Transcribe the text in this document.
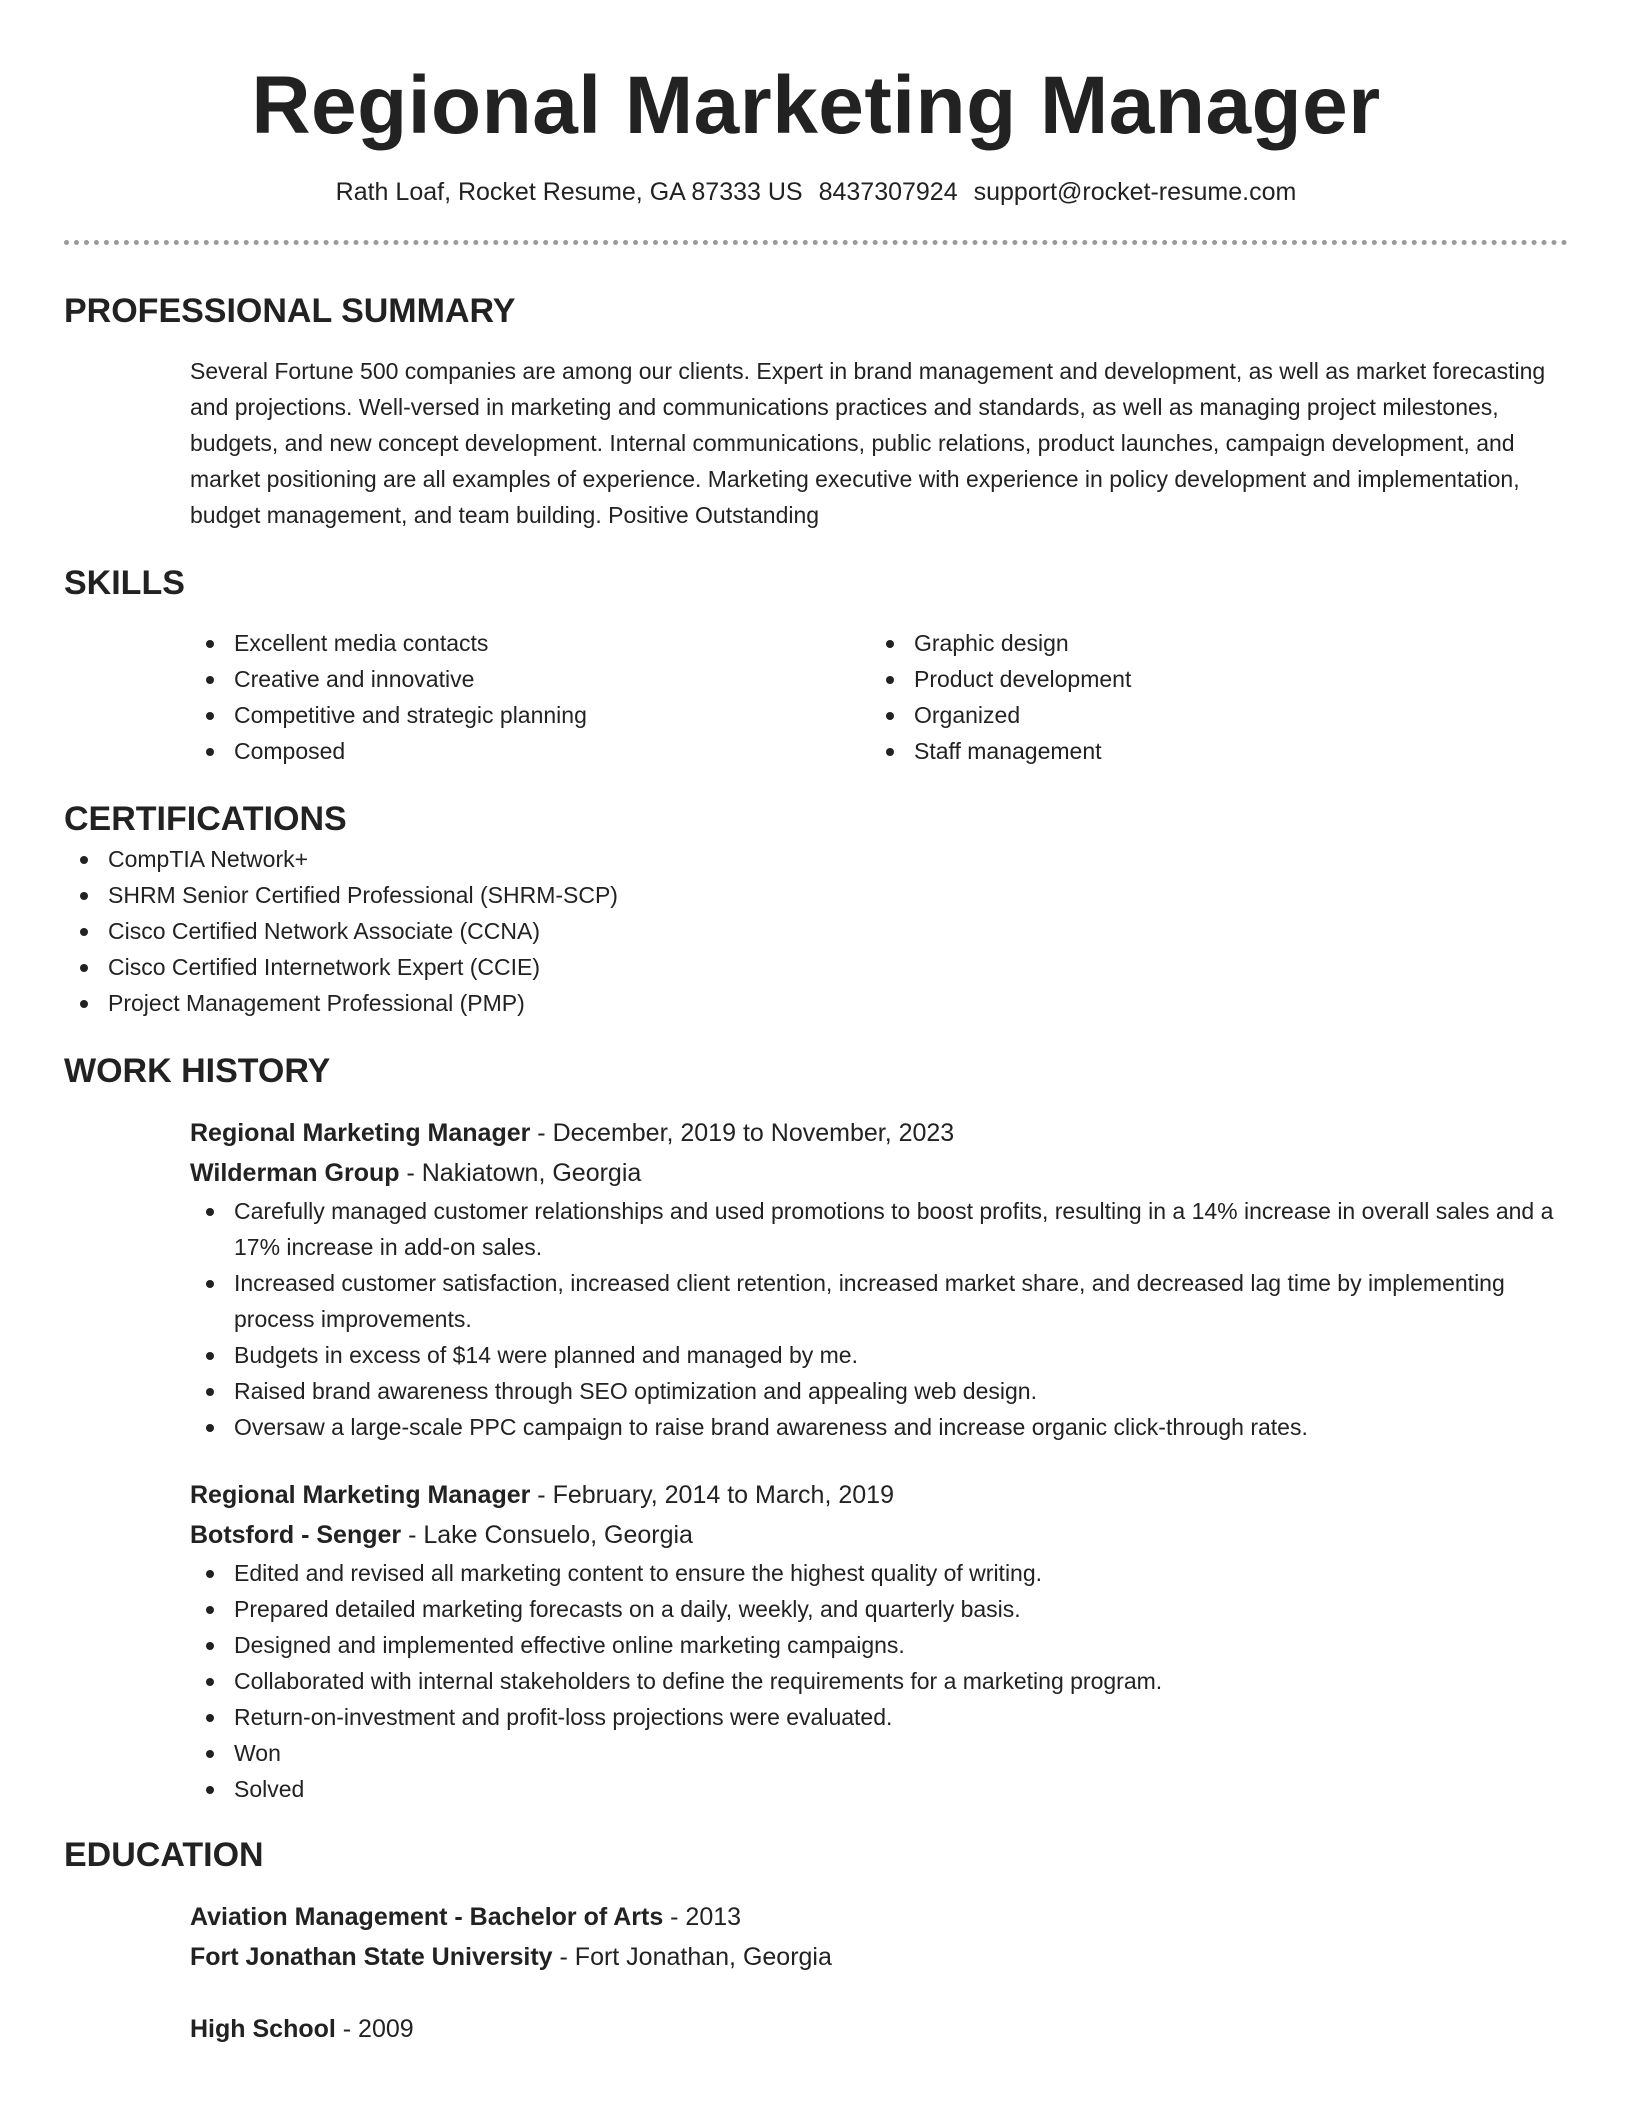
Regional Marketing Manager
Rath Loaf, Rocket Resume, GA 87333 US 8437307924 support@rocket-resume.com
PROFESSIONAL SUMMARY
Several Fortune 500 companies are among our clients. Expert in brand management and development, as well as market forecasting and projections. Well-versed in marketing and communications practices and standards, as well as managing project milestones, budgets, and new concept development. Internal communications, public relations, product launches, campaign development, and market positioning are all examples of experience. Marketing executive with experience in policy development and implementation, budget management, and team building. Positive Outstanding
SKILLS
Excellent media contacts
Creative and innovative
Competitive and strategic planning
Composed
Graphic design
Product development
Organized
Staff management
CERTIFICATIONS
CompTIA Network+
SHRM Senior Certified Professional (SHRM-SCP)
Cisco Certified Network Associate (CCNA)
Cisco Certified Internetwork Expert (CCIE)
Project Management Professional (PMP)
WORK HISTORY
Regional Marketing Manager - December, 2019 to November, 2023
Wilderman Group - Nakiatown, Georgia
Carefully managed customer relationships and used promotions to boost profits, resulting in a 14% increase in overall sales and a 17% increase in add-on sales.
Increased customer satisfaction, increased client retention, increased market share, and decreased lag time by implementing process improvements.
Budgets in excess of $14 were planned and managed by me.
Raised brand awareness through SEO optimization and appealing web design.
Oversaw a large-scale PPC campaign to raise brand awareness and increase organic click-through rates.
Regional Marketing Manager - February, 2014 to March, 2019
Botsford - Senger - Lake Consuelo, Georgia
Edited and revised all marketing content to ensure the highest quality of writing.
Prepared detailed marketing forecasts on a daily, weekly, and quarterly basis.
Designed and implemented effective online marketing campaigns.
Collaborated with internal stakeholders to define the requirements for a marketing program.
Return-on-investment and profit-loss projections were evaluated.
Won
Solved
EDUCATION
Aviation Management - Bachelor of Arts - 2013
Fort Jonathan State University - Fort Jonathan, Georgia
High School - 2009
